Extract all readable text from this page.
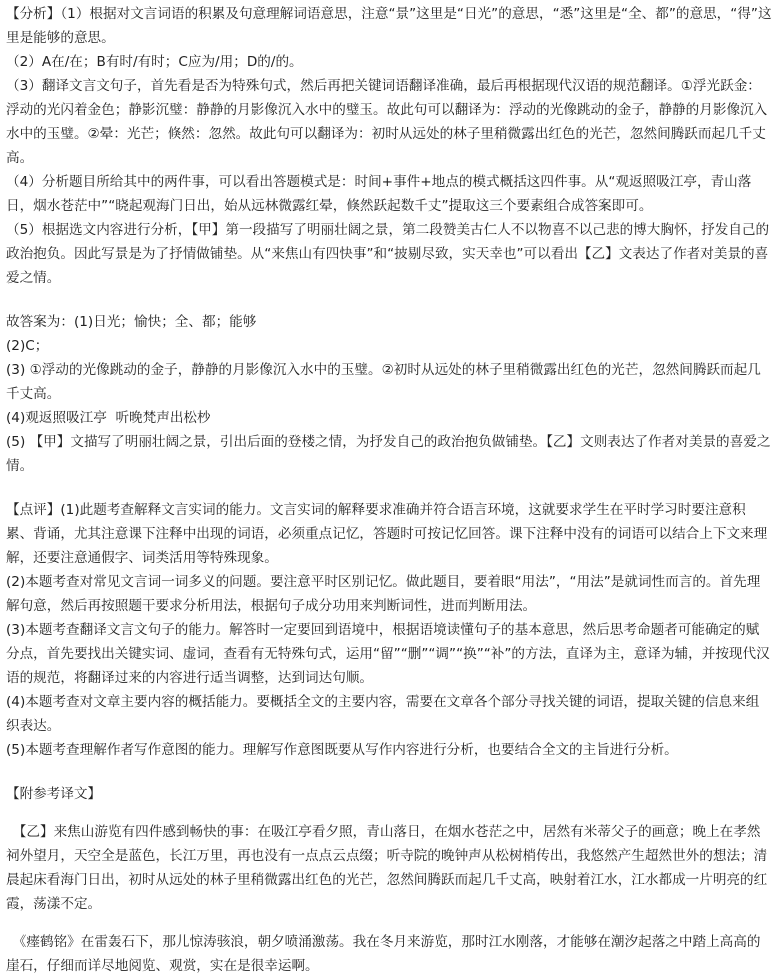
【分析】（1）根据对文言词语的积累及句意理解词语意思，注意“景”这里是“日光”的意思，“悉”这里是“全、都”的意思，“得”这里是能够的意思。

（2）A在/在；B有时/有时；C应为/用；D的/的。

（3）翻译文言文句子，首先看是否为特殊句式，然后再把关键词语翻译准确，最后再根据现代汉语的规范翻译。①浮光跃金：浮动的光闪着金色；静影沉璧：静静的月影像沉入水中的璧玉。故此句可以翻译为：浮动的光像跳动的金子，静静的月影像沉入水中的玉璧。②晕：光芒；倏然：忽然。故此句可以翻译为：初时从远处的林子里稍微露出红色的光芒，忽然间腾跃而起几千丈高。

（4）分析题目所给其中的两件事，可以看出答题模式是：时间+事件+地点的模式概括这四件事。从“观返照吸江亭，青山落日，烟水苍茫中”“晓起观海门日出，始从远林微露红晕，倏然跃起数千丈”提取这三个要素组合成答案即可。

（5）根据选文内容进行分析，【甲】第一段描写了明丽壮阔之景，第二段赞美古仁人不以物喜不以己悲的博大胸怀，抒发自己的政治抱负。因此写景是为了抒情做铺垫。从“来焦山有四快事”和“披剔尽致，实天幸也”可以看出【乙】文表达了作者对美景的喜爱之情。

故答案为：(1)日光；愉快；全、都；能够

(2)C；

(3) ①浮动的光像跳动的金子，静静的月影像沉入水中的玉璧。②初时从远处的林子里稍微露出红色的光芒，忽然间腾跃而起几千丈高。

(4)观返照吸江亭  听晚梵声出松杪

(5) 【甲】文描写了明丽壮阔之景，引出后面的登楼之情，为抒发自己的政治抱负做铺垫。【乙】文则表达了作者对美景的喜爱之情。

【点评】(1)此题考查解释文言实词的能力。文言实词的解释要求准确并符合语言环境，这就要求学生在平时学习时要注意积累、背诵，尤其注意课下注释中出现的词语，必须重点记忆，答题时可按记忆回答。课下注释中没有的词语可以结合上下文来理解，还要注意通假字、词类活用等特殊现象。

(2)本题考查对常见文言词一词多义的问题。要注意平时区别记忆。做此题目，要着眼“用法”，“用法”是就词性而言的。首先理解句意，然后再按照题干要求分析用法，根据句子成分功用来判断词性，进而判断用法。

(3)本题考查翻译文言文句子的能力。解答时一定要回到语境中，根据语境读懂句子的基本意思，然后思考命题者可能确定的赋分点，首先要找出关键实词、虚词，查看有无特殊句式，运用“留”“删”“调”“换”“补”的方法，直译为主，意译为辅，并按现代汉语的规范，将翻译过来的内容进行适当调整，达到词达句顺。

(4)本题考查对文章主要内容的概括能力。要概括全文的主要内容，需要在文章各个部分寻找关键的词语，提取关键的信息来组织表达。

(5)本题考查理解作者写作意图的能力。理解写作意图既要从写作内容进行分析，也要结合全文的主旨进行分析。

【附参考译文】

　【乙】来焦山游览有四件感到畅快的事：在吸江亭看夕照，青山落日，在烟水苍茫之中，居然有米蒂父子的画意；晚上在孝然祠外望月，天空全是蓝色，长江万里，再也没有一点点云点缀；听寺院的晚钟声从松树梢传出，我悠然产生超然世外的想法；清晨起床看海门日出，初时从远处的林子里稍微露出红色的光芒，忽然间腾跃而起几千丈高，映射着江水，江水都成一片明亮的红霞，荡漾不定。

　《瘗鹤铭》在雷轰石下，那儿惊涛骇浪，朝夕喷涌激荡。我在冬月来游览，那时江水刚落，才能够在潮汐起落之中踏上高高的崖石，仔细而详尽地阅览、观赏，实在是很幸运啊。
